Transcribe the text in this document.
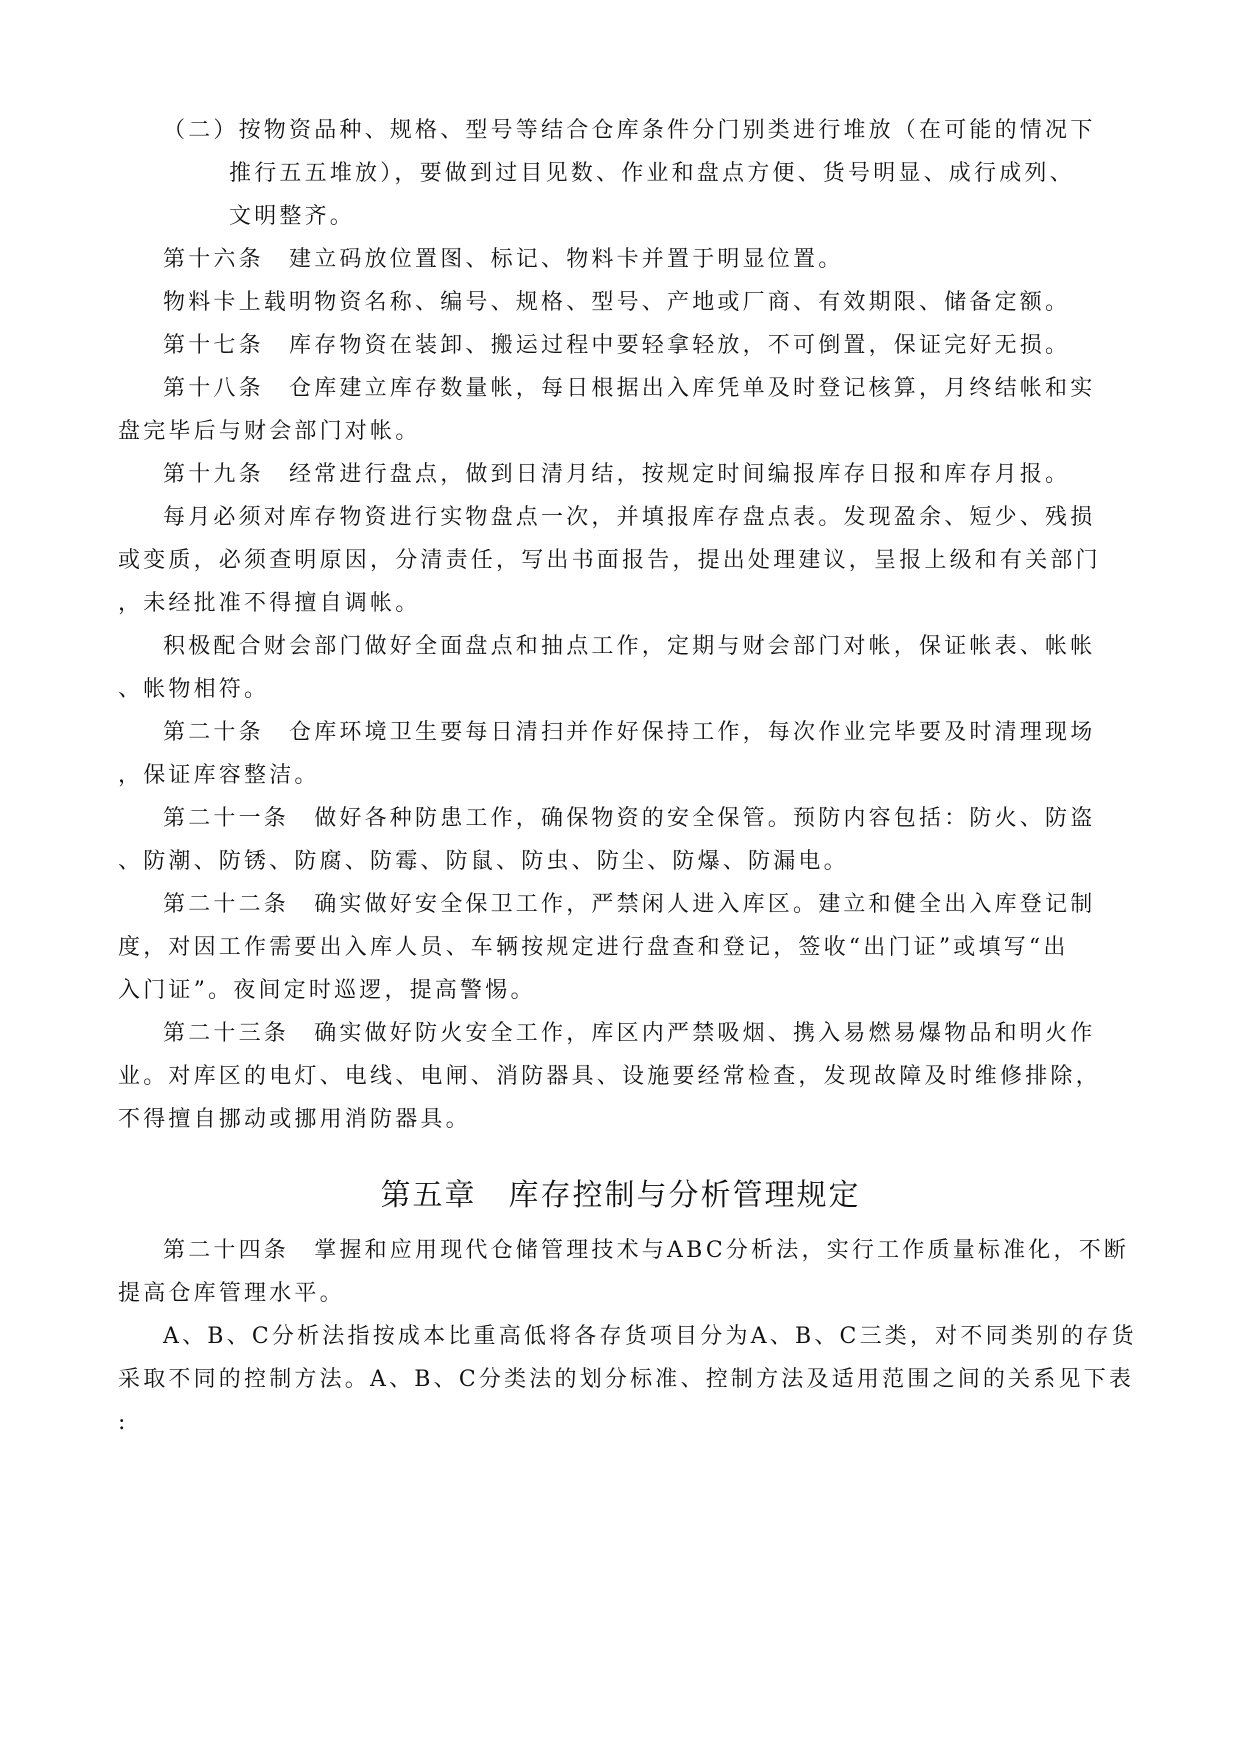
（二）按物资品种、规格、型号等结合仓库条件分门别类进行堆放（在可能的情况下
推行五五堆放），要做到过目见数、作业和盘点方便、货号明显、成行成列、
文明整齐。
第十六条　建立码放位置图、标记、物料卡并置于明显位置。
物料卡上载明物资名称、编号、规格、型号、产地或厂商、有效期限、储备定额。
第十七条　库存物资在装卸、搬运过程中要轻拿轻放，不可倒置，保证完好无损。
第十八条　仓库建立库存数量帐，每日根据出入库凭单及时登记核算，月终结帐和实
盘完毕后与财会部门对帐。
第十九条　经常进行盘点，做到日清月结，按规定时间编报库存日报和库存月报。
每月必须对库存物资进行实物盘点一次，并填报库存盘点表。发现盈余、短少、残损
或变质，必须查明原因，分清责任，写出书面报告，提出处理建议，呈报上级和有关部门
，未经批准不得擅自调帐。
积极配合财会部门做好全面盘点和抽点工作，定期与财会部门对帐，保证帐表、帐帐
、帐物相符。
第二十条　仓库环境卫生要每日清扫并作好保持工作，每次作业完毕要及时清理现场
，保证库容整洁。
第二十一条　做好各种防患工作，确保物资的安全保管。预防内容包括：防火、防盗
、防潮、防锈、防腐、防霉、防鼠、防虫、防尘、防爆、防漏电。
第二十二条　确实做好安全保卫工作，严禁闲人进入库区。建立和健全出入库登记制
度，对因工作需要出入库人员、车辆按规定进行盘查和登记，签收“出门证”或填写“出
入门证”。夜间定时巡逻，提高警惕。
第二十三条　确实做好防火安全工作，库区内严禁吸烟、携入易燃易爆物品和明火作
业。对库区的电灯、电线、电闸、消防器具、设施要经常检查，发现故障及时维修排除，
不得擅自挪动或挪用消防器具。
第五章　库存控制与分析管理规定
第二十四条　掌握和应用现代仓储管理技术与ABC分析法，实行工作质量标准化，不断
提高仓库管理水平。
A、B、C分析法指按成本比重高低将各存货项目分为A、B、C三类，对不同类别的存货
采取不同的控制方法。A、B、C分类法的划分标准、控制方法及适用范围之间的关系见下表
:
